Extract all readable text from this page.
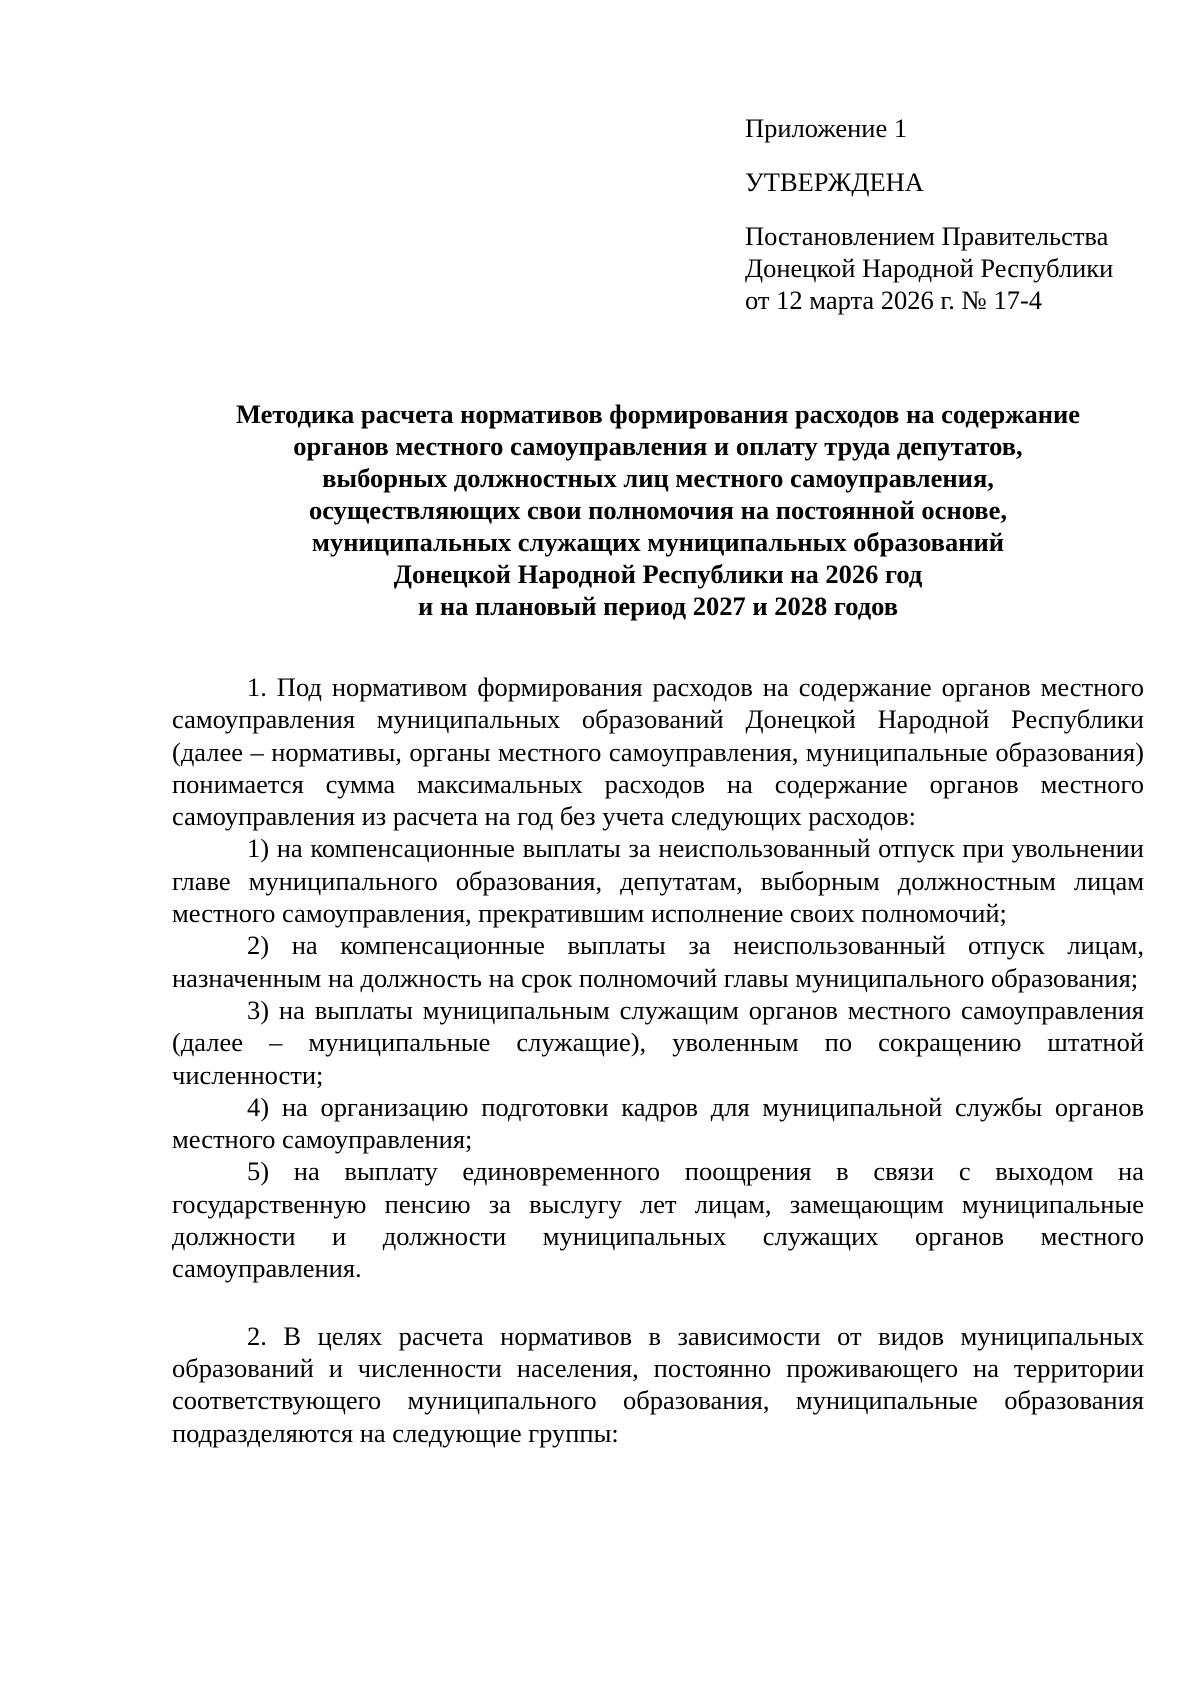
Приложение 1
УТВЕРЖДЕНА
Постановлением Правительства
Донецкой Народной Республики
от 12 марта 2026 г. № 17-4
Методика расчета нормативов формирования расходов на содержание
органов местного самоуправления и оплату труда депутатов,
выборных должностных лиц местного самоуправления,
осуществляющих свои полномочия на постоянной основе,
муниципальных служащих муниципальных образований
Донецкой Народной Республики на 2026 год
и на плановый период 2027 и 2028 годов

1. Под нормативом формирования расходов на содержание органов местного самоуправления муниципальных образований Донецкой Народной Республики (далее – нормативы, органы местного самоуправления, муниципальные образования) понимается сумма максимальных расходов на содержание органов местного самоуправления из расчета на год без учета следующих расходов:

1) на компенсационные выплаты за неиспользованный отпуск при увольнении главе муниципального образования, депутатам, выборным должностным лицам местного самоуправления, прекратившим исполнение своих полномочий;

2) на компенсационные выплаты за неиспользованный отпуск лицам, назначенным на должность на срок полномочий главы муниципального образования;

3) на выплаты муниципальным служащим органов местного самоуправления (далее – муниципальные служащие), уволенным по сокращению штатной численности;

4) на организацию подготовки кадров для муниципальной службы органов местного самоуправления;

5) на выплату единовременного поощрения в связи с выходом на государственную пенсию за выслугу лет лицам, замещающим муниципальные должности и должности муниципальных служащих органов местного самоуправления.

2. В целях расчета нормативов в зависимости от видов муниципальных образований и численности населения, постоянно проживающего на территории соответствующего муниципального образования, муниципальные образования подразделяются на следующие группы:
